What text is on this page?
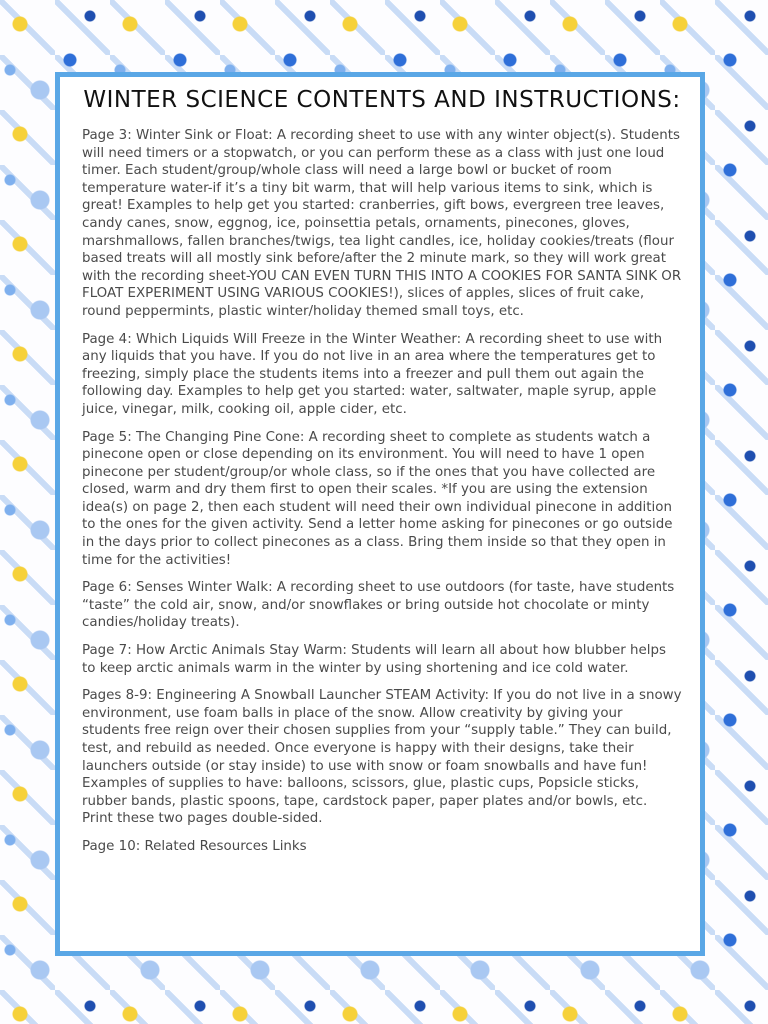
WINTER SCIENCE CONTENTS AND INSTRUCTIONS:

Page 3: Winter Sink or Float: A recording sheet to use with any winter object(s). Students will need timers or a stopwatch, or you can perform these as a class with just one loud timer. Each student/group/whole class will need a large bowl or bucket of room temperature water-if it’s a tiny bit warm, that will help various items to sink, which is great! Examples to help get you started: cranberries, gift bows, evergreen tree leaves, candy canes, snow, eggnog, ice, poinsettia petals, ornaments, pinecones, gloves, marshmallows, fallen branches/twigs, tea light candles, ice, holiday cookies/treats (flour based treats will all mostly sink before/after the 2 minute mark, so they will work great with the recording sheet-YOU CAN EVEN TURN THIS INTO A COOKIES FOR SANTA SINK OR FLOAT EXPERIMENT USING VARIOUS COOKIES!), slices of apples, slices of fruit cake, round peppermints, plastic winter/holiday themed small toys, etc.

Page 4: Which Liquids Will Freeze in the Winter Weather: A recording sheet to use with any liquids that you have. If you do not live in an area where the temperatures get to freezing, simply place the students items into a freezer and pull them out again the following day. Examples to help get you started: water, saltwater, maple syrup, apple juice, vinegar, milk, cooking oil, apple cider, etc.

Page 5: The Changing Pine Cone: A recording sheet to complete as students watch a pinecone open or close depending on its environment. You will need to have 1 open pinecone per student/group/or whole class, so if the ones that you have collected are closed, warm and dry them first to open their scales. *If you are using the extension idea(s) on page 2, then each student will need their own individual pinecone in addition to the ones for the given activity. Send a letter home asking for pinecones or go outside in the days prior to collect pinecones as a class. Bring them inside so that they open in time for the activities!

Page 6: Senses Winter Walk: A recording sheet to use outdoors (for taste, have students “taste” the cold air, snow, and/or snowflakes or bring outside hot chocolate or minty candies/holiday treats).

Page 7: How Arctic Animals Stay Warm: Students will learn all about how blubber helps to keep arctic animals warm in the winter by using shortening and ice cold water.

Pages 8-9: Engineering A Snowball Launcher STEAM Activity: If you do not live in a snowy environment, use foam balls in place of the snow. Allow creativity by giving your students free reign over their chosen supplies from your “supply table.” They can build, test, and rebuild as needed. Once everyone is happy with their designs, take their launchers outside (or stay inside) to use with snow or foam snowballs and have fun! Examples of supplies to have: balloons, scissors, glue, plastic cups, Popsicle sticks, rubber bands, plastic spoons, tape, cardstock paper, paper plates and/or bowls, etc. Print these two pages double-sided.

Page 10: Related Resources Links
